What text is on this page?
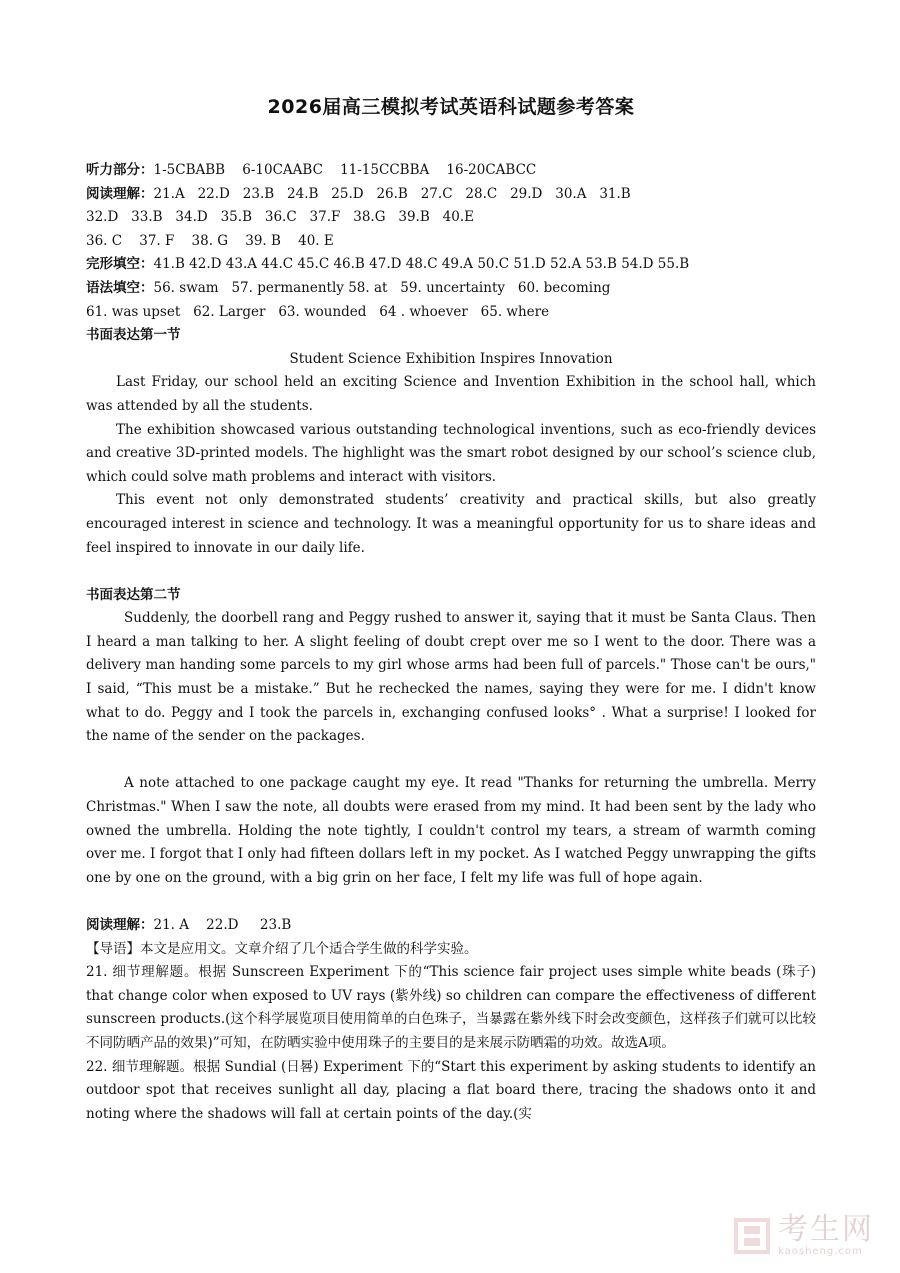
2026届高三模拟考试英语科试题参考答案
听力部分：1-5CBABB    6-10CAABC    11-15CCBBA    16-20CABCC
阅读理解：21.A   22.D   23.B   24.B   25.D   26.B   27.C   28.C   29.D   30.A   31.B
32.D   33.B   34.D   35.B   36.C   37.F   38.G   39.B   40.E
36. C    37. F    38. G    39. B    40. E
完形填空：41.B 42.D 43.A 44.C 45.C 46.B 47.D 48.C 49.A 50.C 51.D 52.A 53.B 54.D 55.B
语法填空：56. swam   57. permanently 58. at   59. uncertainty   60. becoming
61. was upset   62. Larger   63. wounded   64 . whoever   65. where
书面表达第一节
Student Science Exhibition Inspires Innovation

Last Friday, our school held an exciting Science and Invention Exhibition in the school hall, which was attended by all the students.

The exhibition showcased various outstanding technological inventions, such as eco-friendly devices and creative 3D-printed models. The highlight was the smart robot designed by our school’s science club, which could solve math problems and interact with visitors.

This event not only demonstrated students’ creativity and practical skills, but also greatly encouraged interest in science and technology. It was a meaningful opportunity for us to share ideas and feel inspired to innovate in our daily life.

书面表达第二节

Suddenly, the doorbell rang and Peggy rushed to answer it, saying that it must be Santa Claus. Then I heard a man talking to her. A slight feeling of doubt crept over me so I went to the door. There was a delivery man handing some parcels to my girl whose arms had been full of parcels." Those can't be ours," I said, “This must be a mistake.” But he rechecked the names, saying they were for me. I didn't know what to do. Peggy and I took the parcels in, exchanging confused looks° . What a surprise! I looked for the name of the sender on the packages.

A note attached to one package caught my eye. It read "Thanks for returning the umbrella. Merry Christmas." When I saw the note, all doubts were erased from my mind. It had been sent by the lady who owned the umbrella. Holding the note tightly, I couldn't control my tears, a stream of warmth coming over me. I forgot that I only had fifteen dollars left in my pocket. As I watched Peggy unwrapping the gifts one by one on the ground, with a big grin on her face, I felt my life was full of hope again.

阅读理解：21. A    22.D     23.B

【导语】本文是应用文。文章介绍了几个适合学生做的科学实验。

21. 细节理解题。根据 Sunscreen Experiment 下的“This science fair project uses simple white beads (珠子) that change color when exposed to UV rays (紫外线) so children can compare the effectiveness of different sunscreen products.(这个科学展览项目使用简单的白色珠子，当暴露在紫外线下时会改变颜色，这样孩子们就可以比较不同防晒产品的效果)”可知，在防晒实验中使用珠子的主要目的是来展示防晒霜的功效。故选A项。

22. 细节理解题。根据 Sundial (日晷) Experiment 下的“Start this experiment by asking students to identify an outdoor spot that receives sunlight all day, placing a flat board there, tracing the shadows onto it and noting where the shadows will fall at certain points of the day.(实

考生网
kaosheng.com
